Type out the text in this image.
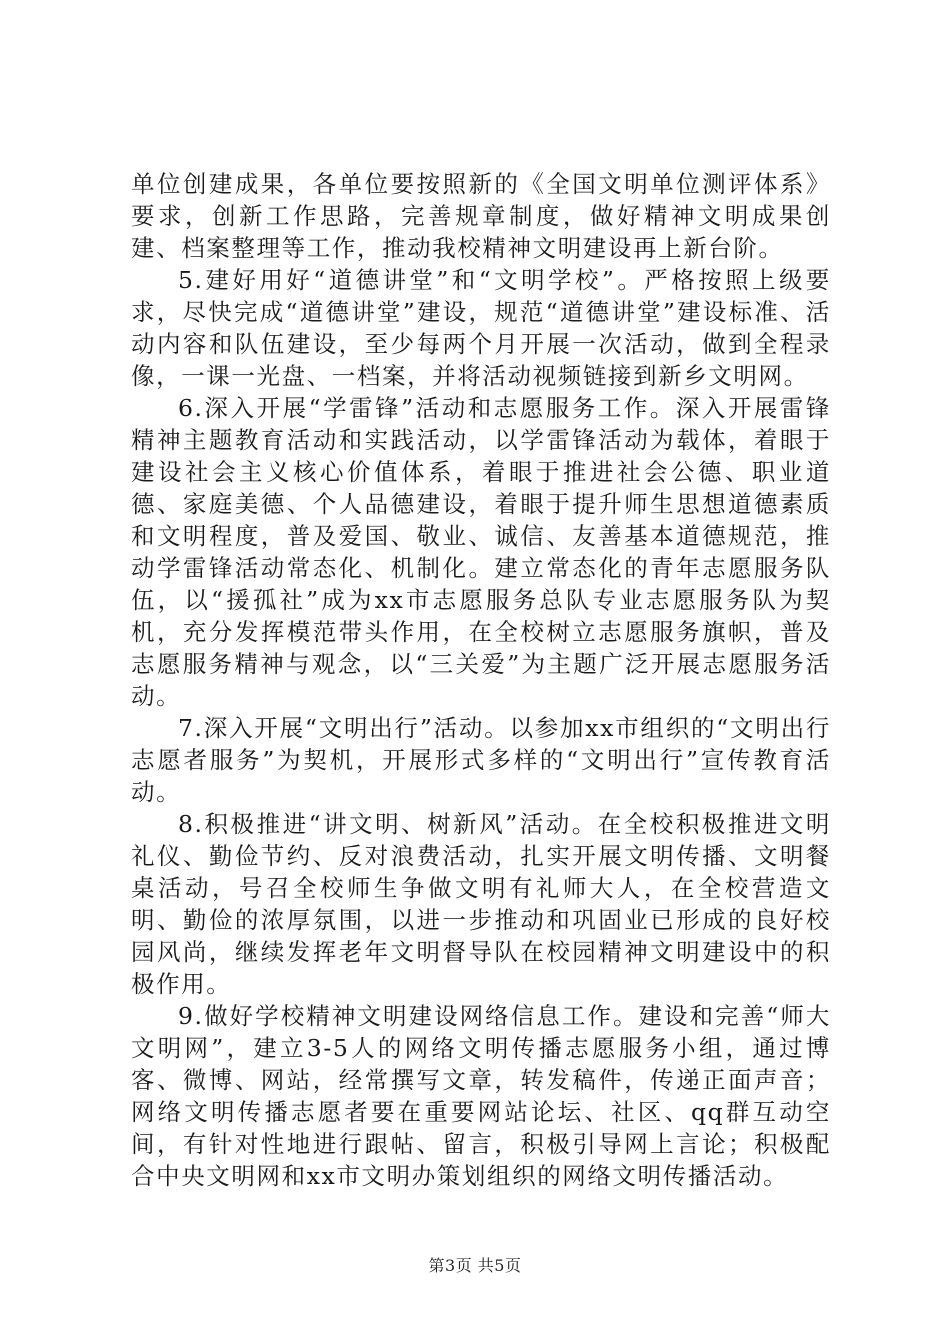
单位创建成果，各单位要按照新的《全国文明单位测评体系》要求，创新工作思路，完善规章制度，做好精神文明成果创建、档案整理等工作，推动我校精神文明建设再上新台阶。

5.建好用好“道德讲堂”和“文明学校”。严格按照上级要求，尽快完成“道德讲堂”建设，规范“道德讲堂”建设标准、活动内容和队伍建设，至少每两个月开展一次活动，做到全程录像，一课一光盘、一档案，并将活动视频链接到新乡文明网。

6.深入开展“学雷锋”活动和志愿服务工作。深入开展雷锋精神主题教育活动和实践活动，以学雷锋活动为载体，着眼于建设社会主义核心价值体系，着眼于推进社会公德、职业道德、家庭美德、个人品德建设，着眼于提升师生思想道德素质和文明程度，普及爱国、敬业、诚信、友善基本道德规范，推动学雷锋活动常态化、机制化。建立常态化的青年志愿服务队伍，以“援孤社”成为xx市志愿服务总队专业志愿服务队为契机，充分发挥模范带头作用，在全校树立志愿服务旗帜，普及志愿服务精神与观念，以“三关爱”为主题广泛开展志愿服务活动。

7.深入开展“文明出行”活动。以参加xx市组织的“文明出行志愿者服务”为契机，开展形式多样的“文明出行”宣传教育活动。

8.积极推进“讲文明、树新风”活动。在全校积极推进文明礼仪、勤俭节约、反对浪费活动，扎实开展文明传播、文明餐桌活动，号召全校师生争做文明有礼师大人，在全校营造文明、勤俭的浓厚氛围，以进一步推动和巩固业已形成的良好校园风尚，继续发挥老年文明督导队在校园精神文明建设中的积极作用。

9.做好学校精神文明建设网络信息工作。建设和完善“师大文明网”，建立3-5人的网络文明传播志愿服务小组，通过博客、微博、网站，经常撰写文章，转发稿件，传递正面声音；网络文明传播志愿者要在重要网站论坛、社区、qq群互动空间，有针对性地进行跟帖、留言，积极引导网上言论；积极配合中央文明网和xx市文明办策划组织的网络文明传播活动。

第3页 共5页
